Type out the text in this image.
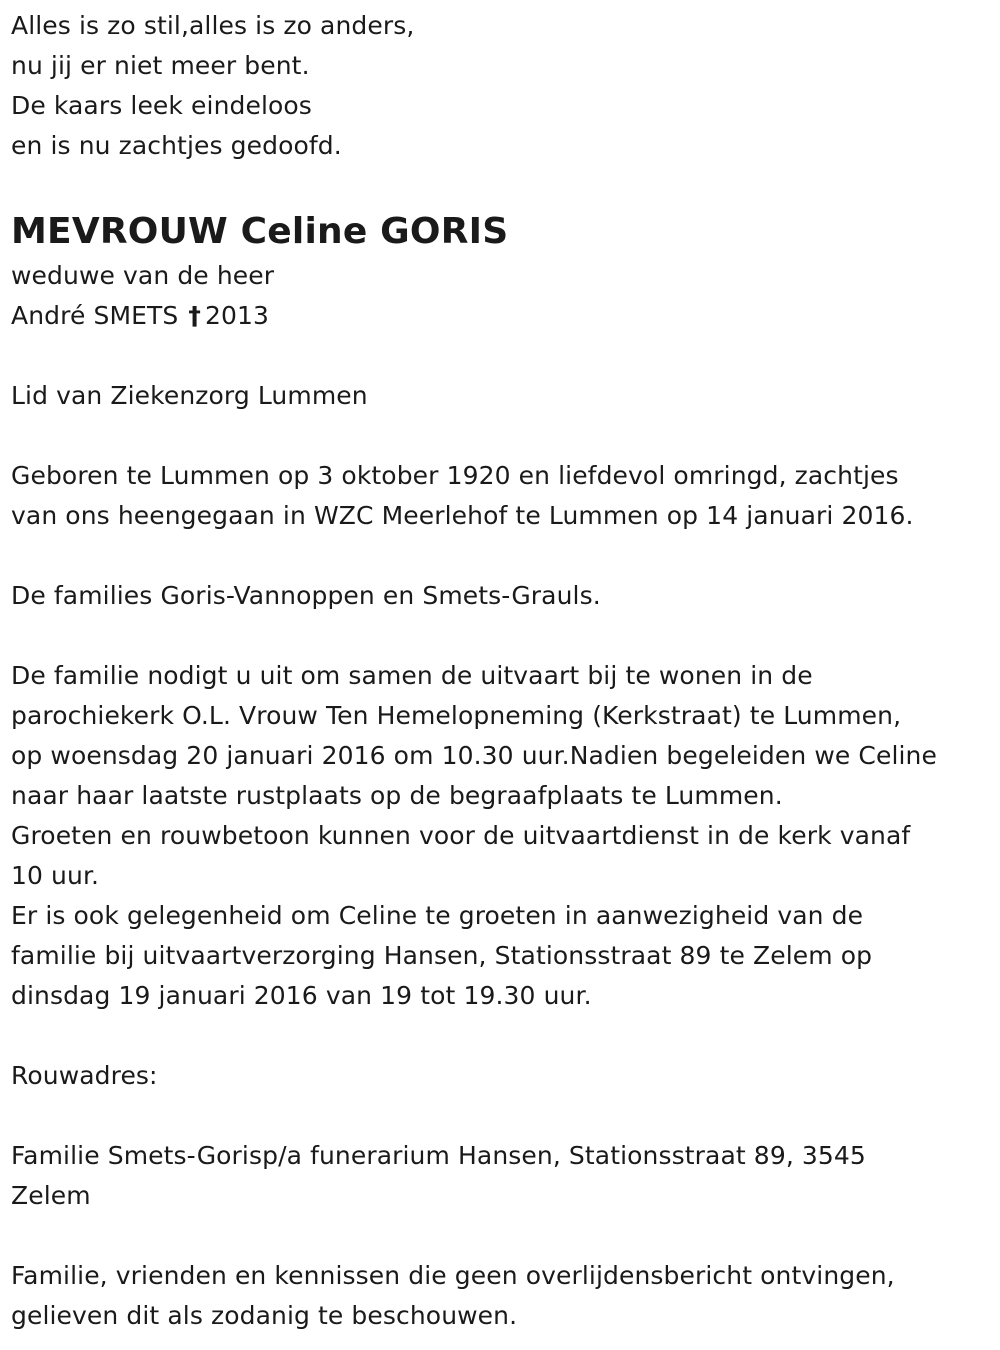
Alles is zo stil,alles is zo anders,
nu jij er niet meer bent.
De kaars leek eindeloos
en is nu zachtjes gedoofd.
MEVROUW Celine GORIS
weduwe van de heer
André SMETS † 2013
Lid van Ziekenzorg Lummen
Geboren te Lummen op 3 oktober 1920 en liefdevol omringd, zachtjes
van ons heengegaan in WZC Meerlehof te Lummen op 14 januari 2016.
De families Goris-Vannoppen en Smets-Grauls.
De familie nodigt u uit om samen de uitvaart bij te wonen in de
parochiekerk O.L. Vrouw Ten Hemelopneming (Kerkstraat) te Lummen,
op woensdag 20 januari 2016 om 10.30 uur.Nadien begeleiden we Celine
naar haar laatste rustplaats op de begraafplaats te Lummen.
Groeten en rouwbetoon kunnen voor de uitvaartdienst in de kerk vanaf
10 uur.
Er is ook gelegenheid om Celine te groeten in aanwezigheid van de
familie bij uitvaartverzorging Hansen, Stationsstraat 89 te Zelem op
dinsdag 19 januari 2016 van 19 tot 19.30 uur.
Rouwadres:
Familie Smets-Gorisp/a funerarium Hansen, Stationsstraat 89, 3545
Zelem
Familie, vrienden en kennissen die geen overlijdensbericht ontvingen,
gelieven dit als zodanig te beschouwen.
